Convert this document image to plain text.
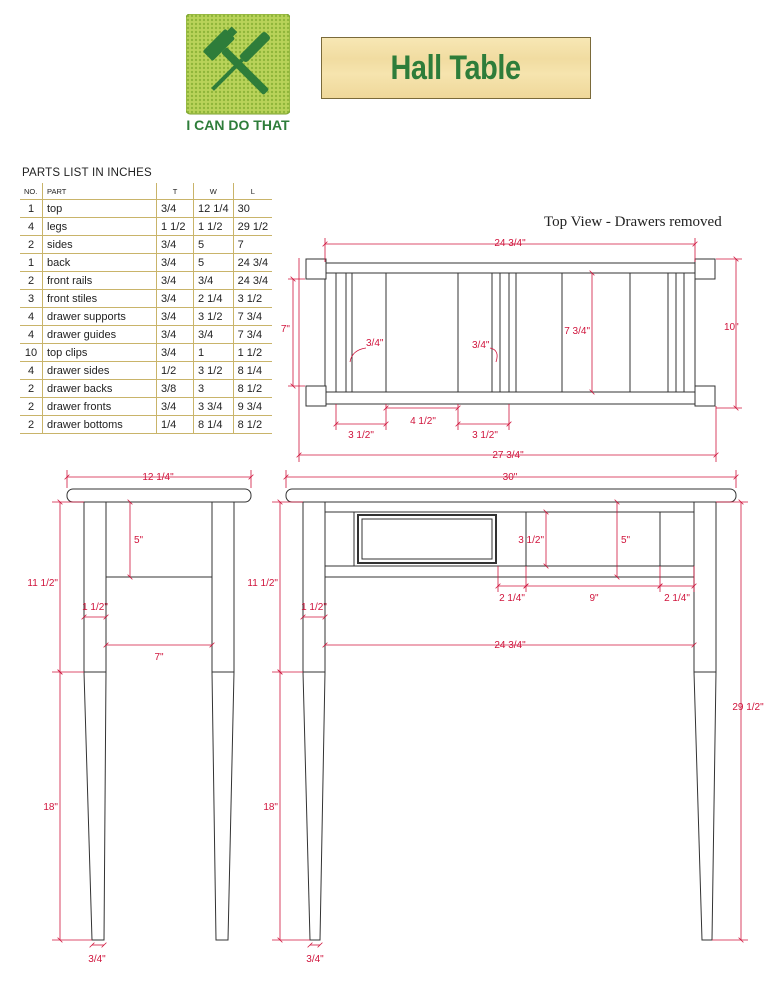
I CAN DO THAT
Hall Table
PARTS LIST IN INCHES
NO.	PART	T	W	L
1	top	3/4	12 1/4	30
4	legs	1 1/2	1 1/2	29 1/2
2	sides	3/4	5	7
1	back	3/4	5	24 3/4
2	front rails	3/4	3/4	24 3/4
3	front stiles	3/4	2 1/4	3 1/2
4	drawer supports	3/4	3 1/2	7 3/4
4	drawer guides	3/4	3/4	7 3/4
10	top clips	3/4	1	1 1/2
4	drawer sides	1/2	3 1/2	8 1/4
2	drawer backs	3/8	3	8 1/2
2	drawer fronts	3/4	3 3/4	9 3/4
2	drawer bottoms	1/4	8 1/4	8 1/2
Top View - Drawers removed
24 3/4"
27 3/4"
7"	10"
7 3/4"
3/4"	3/4"
3 1/2"
4 1/2"
3 1/2"
12 1/4"
5"
11 1/2"
1 1/2"
7"
18"
3/4"
30"
11 1/2"
1 1/2"
3 1/2"	5"
2 1/4"	9"	2 1/4"
24 3/4"
29 1/2"
18"
3/4"
